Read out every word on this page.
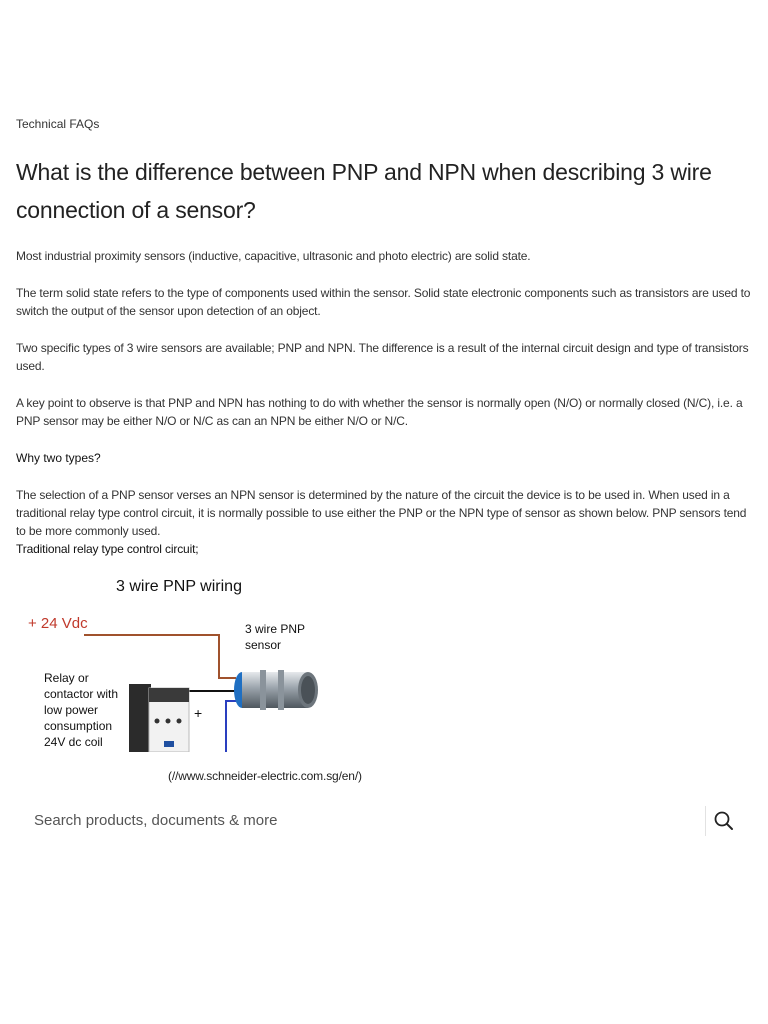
Technical FAQs
What is the difference between PNP and NPN when describing 3 wire connection of a sensor?

Most industrial proximity sensors (inductive, capacitive, ultrasonic and photo electric) are solid state.

The term solid state refers to the type of components used within the sensor. Solid state electronic components such as transistors are used to switch the output of the sensor upon detection of an object.

Two specific types of 3 wire sensors are available; PNP and NPN. The difference is a result of the internal circuit design and type of transistors used.

A key point to observe is that PNP and NPN has nothing to do with whether the sensor is normally open (N/O) or normally closed (N/C), i.e. a PNP sensor may be either N/O or N/C as can an NPN be either N/O or N/C.

Why two types?

The selection of a PNP sensor verses an NPN sensor is determined by the nature of the circuit the device is to be used in. When used in a traditional relay type control circuit, it is normally possible to use either the PNP or the NPN type of sensor as shown below. PNP sensors tend to be more commonly used.

Traditional relay type control circuit;

3 wire PNP wiring
+ 24 Vdc	3 wire PNP
sensor
+
Relay or
contactor with
low power
consumption
24V dc coil
(//www.schneider-electric.com.sg/en/)
Search products, documents & more
